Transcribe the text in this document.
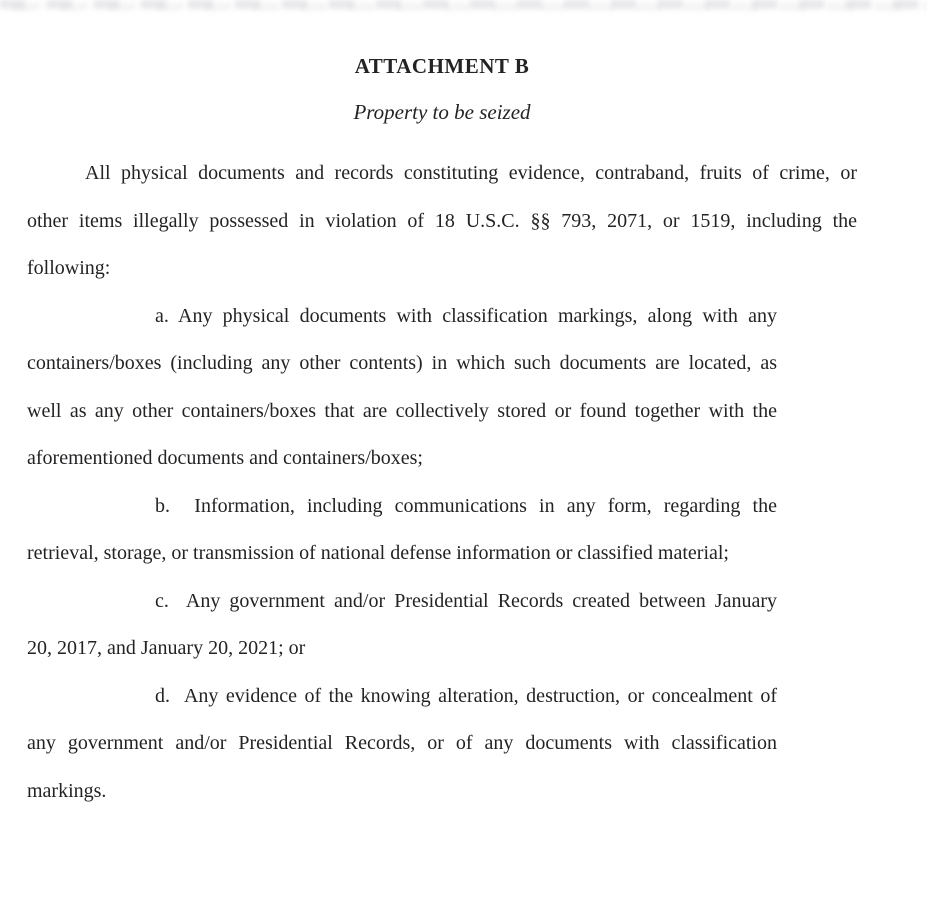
ATTACHMENT B
Property to be seized
All physical documents and records constituting evidence, contraband, fruits of crime, or
other items illegally possessed in violation of 18 U.S.C. §§ 793, 2071, or 1519, including the
following:
a. Any physical documents with classification markings, along with any
containers/boxes (including any other contents) in which such documents are located, as
well as any other containers/boxes that are collectively stored or found together with the
aforementioned documents and containers/boxes;
b.  Information, including communications in any form, regarding the
retrieval, storage, or transmission of national defense information or classified material;
c.  Any government and/or Presidential Records created between January
20, 2017, and January 20, 2021; or
d.  Any evidence of the knowing alteration, destruction, or concealment of
any government and/or Presidential Records, or of any documents with classification
markings.
